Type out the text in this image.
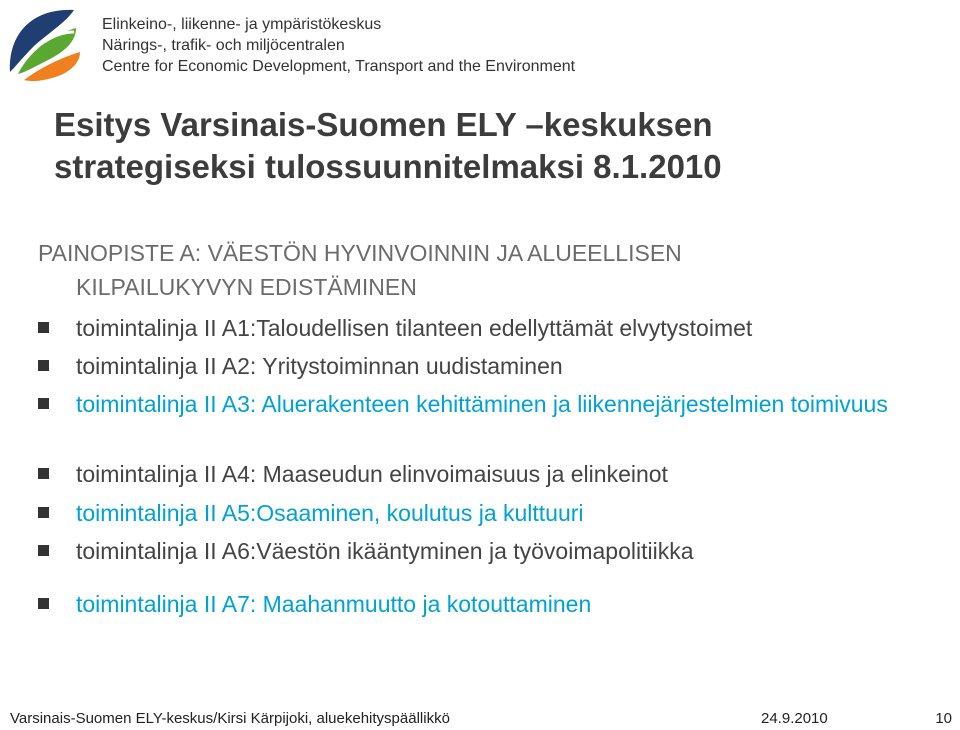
Elinkeino-, liikenne- ja ympäristökeskus
Närings-, trafik- och miljöcentralen
Centre for Economic Development, Transport and the Environment
Esitys Varsinais-Suomen ELY –keskuksen
strategiseksi tulossuunnitelmaksi 8.1.2010
PAINOPISTE A: VÄESTÖN HYVINVOINNIN JA ALUEELLISEN
KILPAILUKYVYN EDISTÄMINEN
toimintalinja II A1:Taloudellisen tilanteen edellyttämät elvytystoimet
toimintalinja II A2: Yritystoiminnan uudistaminen
toimintalinja II A3: Aluerakenteen kehittäminen ja liikennejärjestelmien toimivuus
toimintalinja II A4: Maaseudun elinvoimaisuus ja elinkeinot
toimintalinja II A5:Osaaminen, koulutus ja kulttuuri
toimintalinja II A6:Väestön ikääntyminen ja työvoimapolitiikka
toimintalinja II A7: Maahanmuutto ja kotouttaminen
Varsinais-Suomen ELY-keskus/Kirsi Kärpijoki, aluekehityspäällikkö	24.9.2010	10
